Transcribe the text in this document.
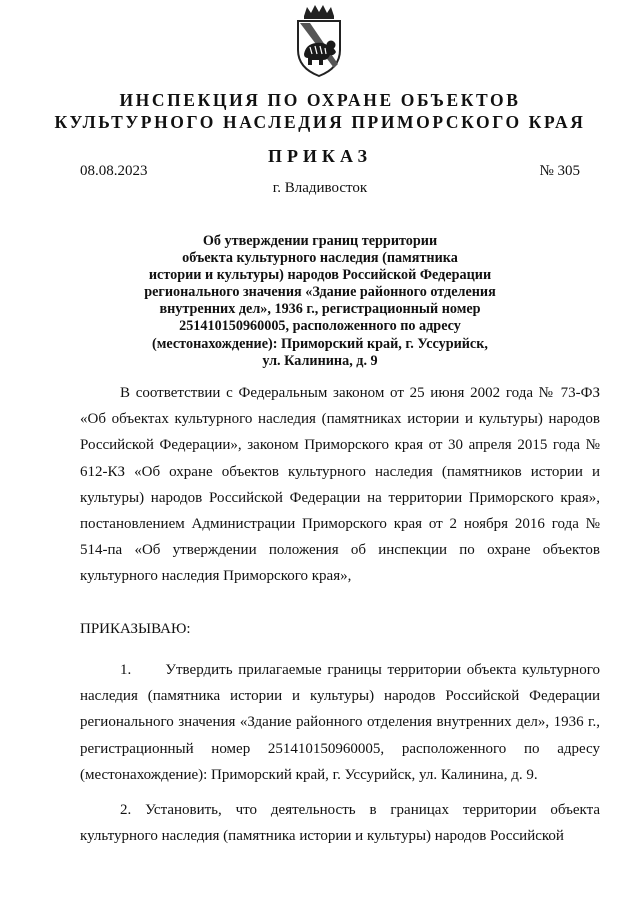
ИНСПЕКЦИЯ ПО ОХРАНЕ ОБЪЕКТОВ
КУЛЬТУРНОГО НАСЛЕДИЯ ПРИМОРСКОГО КРАЯ
ПРИКАЗ
08.08.2023	№ 305
г. Владивосток
Об утверждении границ территории
объекта культурного наследия (памятника
истории и культуры) народов Российской Федерации
регионального значения «Здание районного отделения
внутренних дел», 1936 г., регистрационный номер
251410150960005, расположенного по адресу
(местонахождение): Приморский край, г. Уссурийск,
ул. Калинина, д. 9
В соответствии с Федеральным законом от 25 июня 2002 года № 73-ФЗ «Об объектах культурного наследия (памятниках истории и культуры) народов Российской Федерации», законом Приморского края от 30 апреля 2015 года № 612-КЗ «Об охране объектов культурного наследия (памятников истории и культуры) народов Российской Федерации на территории Приморского края», постановлением Администрации Приморского края от 2 ноября 2016 года № 514-па «Об утверждении положения об инспекции по охране объектов культурного наследия Приморского края»,
ПРИКАЗЫВАЮ:
1.      Утвердить прилагаемые границы территории объекта культурного наследия (памятника истории и культуры) народов Российской Федерации регионального значения «Здание районного отделения внутренних дел», 1936 г., регистрационный номер 251410150960005, расположенного по адресу (местонахождение): Приморский край, г. Уссурийск, ул. Калинина, д. 9.
2. Установить, что деятельность в границах территории объекта культурного наследия (памятника истории и культуры) народов Российской
